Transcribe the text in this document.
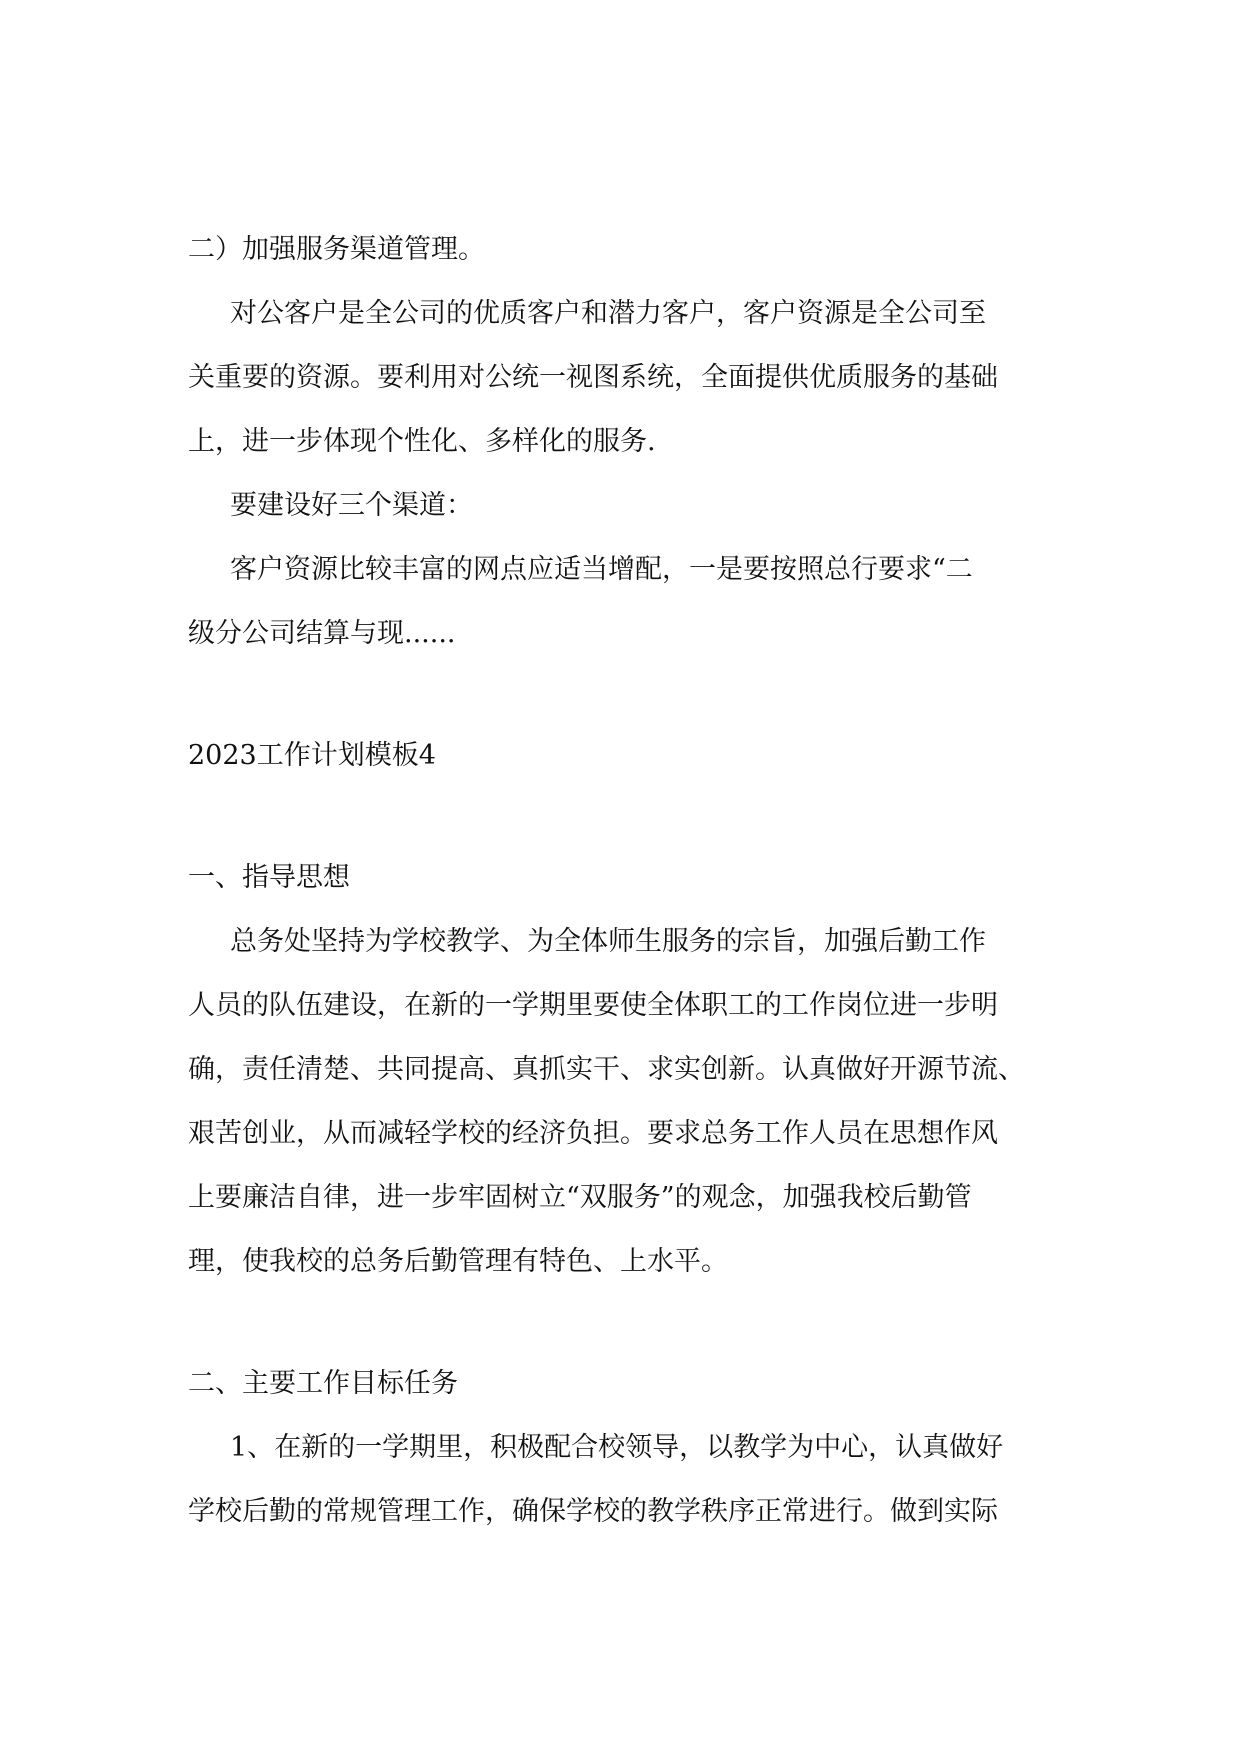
二）加强服务渠道管理。
对公客户是全公司的优质客户和潜力客户，客户资源是全公司至
关重要的资源。要利用对公统一视图系统，全面提供优质服务的基础
上，进一步体现个性化、多样化的服务.
要建设好三个渠道：
客户资源比较丰富的网点应适当增配，一是要按照总行要求“二
级分公司结算与现......
2023工作计划模板4
一、指导思想
总务处坚持为学校教学、为全体师生服务的宗旨，加强后勤工作
人员的队伍建设，在新的一学期里要使全体职工的工作岗位进一步明
确，责任清楚、共同提高、真抓实干、求实创新。认真做好开源节流、
艰苦创业，从而减轻学校的经济负担。要求总务工作人员在思想作风
上要廉洁自律，进一步牢固树立“双服务”的观念，加强我校后勤管
理，使我校的总务后勤管理有特色、上水平。
二、主要工作目标任务
1、在新的一学期里，积极配合校领导，以教学为中心，认真做好
学校后勤的常规管理工作，确保学校的教学秩序正常进行。做到实际
